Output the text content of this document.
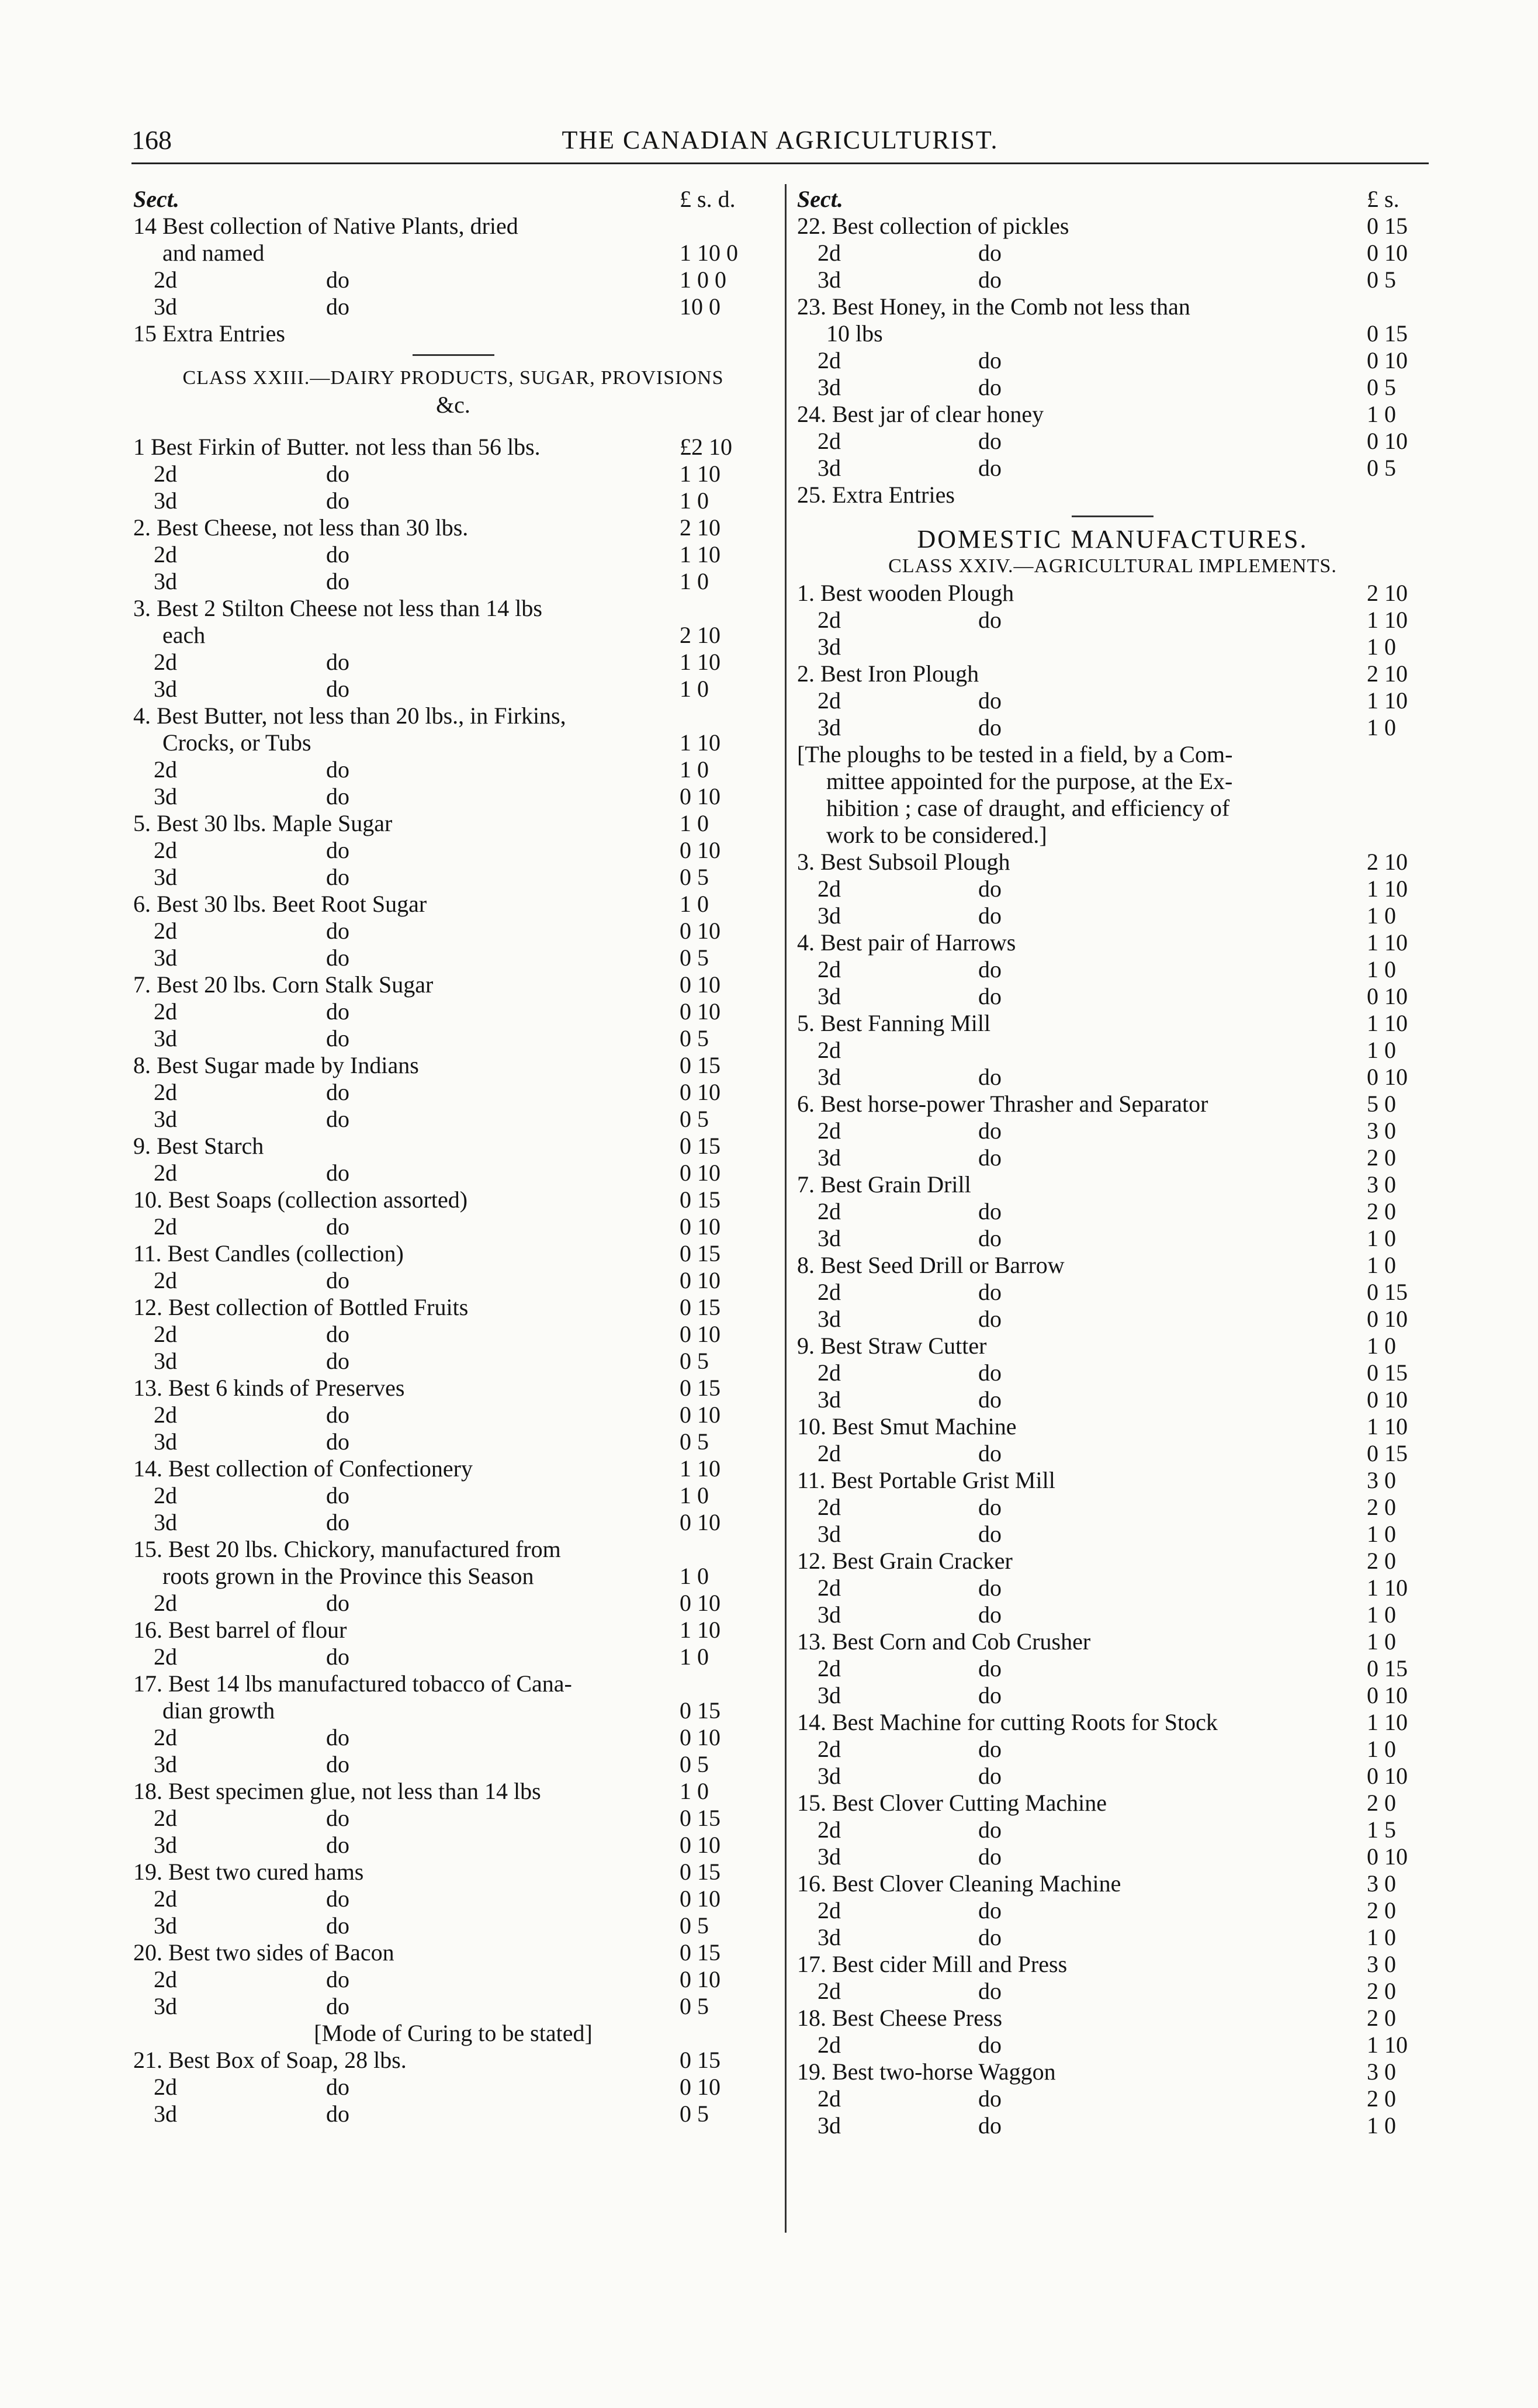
168	THE CANADIAN AGRICULTURIST.
Sect.	£ s. d.
14 Best collection of Native Plants, dried
and named	1 10 0
2d	do	1 0 0
3d	do	10 0
15 Extra Entries
CLASS XXIII.—DAIRY PRODUCTS, SUGAR, PROVISIONS
&c.
1 Best Firkin of Butter. not less than 56 lbs.	£2 10
2d	do	1 10
3d	do	1 0
2. Best Cheese, not less than 30 lbs.	2 10
2d	do	1 10
3d	do	1 0
3. Best 2 Stilton Cheese not less than 14 lbs
each	2 10
2d	do	1 10
3d	do	1 0
4. Best Butter, not less than 20 lbs., in Firkins,
Crocks, or Tubs	1 10
2d	do	1 0
3d	do	0 10
5. Best 30 lbs. Maple Sugar	1 0
2d	do	0 10
3d	do	0 5
6. Best 30 lbs. Beet Root Sugar	1 0
2d	do	0 10
3d	do	0 5
7. Best 20 lbs. Corn Stalk Sugar	0 10
2d	do	0 10
3d	do	0 5
8. Best Sugar made by Indians	0 15
2d	do	0 10
3d	do	0 5
9. Best Starch	0 15
2d	do	0 10
10. Best Soaps (collection assorted)	0 15
2d	do	0 10
11. Best Candles (collection)	0 15
2d	do	0 10
12. Best collection of Bottled Fruits	0 15
2d	do	0 10
3d	do	0 5
13. Best 6 kinds of Preserves	0 15
2d	do	0 10
3d	do	0 5
14. Best collection of Confectionery	1 10
2d	do	1 0
3d	do	0 10
15. Best 20 lbs. Chickory, manufactured from
roots grown in the Province this Season	1 0
2d	do	0 10
16. Best barrel of flour	1 10
2d	do	1 0
17. Best 14 lbs manufactured tobacco of Cana-
dian growth	0 15
2d	do	0 10
3d	do	0 5
18. Best specimen glue, not less than 14 lbs	1 0
2d	do	0 15
3d	do	0 10
19. Best two cured hams	0 15
2d	do	0 10
3d	do	0 5
20. Best two sides of Bacon	0 15
2d	do	0 10
3d	do	0 5
[Mode of Curing to be stated]
21. Best Box of Soap, 28 lbs.	0 15
2d	do	0 10
3d	do	0 5
Sect.	£ s.
22. Best collection of pickles	0 15
2d	do	0 10
3d	do	0 5
23. Best Honey, in the Comb not less than
10 lbs	0 15
2d	do	0 10
3d	do	0 5
24. Best jar of clear honey	1 0
2d	do	0 10
3d	do	0 5
25. Extra Entries
DOMESTIC MANUFACTURES.
CLASS XXIV.—AGRICULTURAL IMPLEMENTS.
1. Best wooden Plough	2 10
2d	do	1 10
3d	1 0
2. Best Iron Plough	2 10
2d	do	1 10
3d	do	1 0
[The ploughs to be tested in a field, by a Com-
mittee appointed for the purpose, at the Ex-
hibition ; case of draught, and efficiency of
work to be considered.]
3. Best Subsoil Plough	2 10
2d	do	1 10
3d	do	1 0
4. Best pair of Harrows	1 10
2d	do	1 0
3d	do	0 10
5. Best Fanning Mill	1 10
2d	1 0
3d	do	0 10
6. Best horse-power Thrasher and Separator	5 0
2d	do	3 0
3d	do	2 0
7. Best Grain Drill	3 0
2d	do	2 0
3d	do	1 0
8. Best Seed Drill or Barrow	1 0
2d	do	0 15
3d	do	0 10
9. Best Straw Cutter	1 0
2d	do	0 15
3d	do	0 10
10. Best Smut Machine	1 10
2d	do	0 15
11. Best Portable Grist Mill	3 0
2d	do	2 0
3d	do	1 0
12. Best Grain Cracker	2 0
2d	do	1 10
3d	do	1 0
13. Best Corn and Cob Crusher	1 0
2d	do	0 15
3d	do	0 10
14. Best Machine for cutting Roots for Stock	1 10
2d	do	1 0
3d	do	0 10
15. Best Clover Cutting Machine	2 0
2d	do	1 5
3d	do	0 10
16. Best Clover Cleaning Machine	3 0
2d	do	2 0
3d	do	1 0
17. Best cider Mill and Press	3 0
2d	do	2 0
18. Best Cheese Press	2 0
2d	do	1 10
19. Best two-horse Waggon	3 0
2d	do	2 0
3d	do	1 0
